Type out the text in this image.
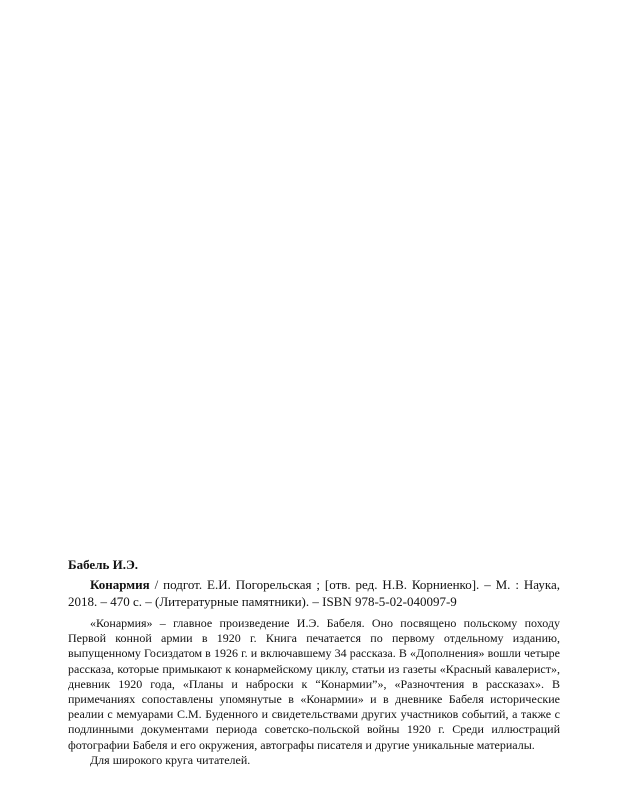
Бабель И.Э.

Конармия / подгот. Е.И. Погорельская ; [отв. ред. Н.В. Корниенко]. – М. : Наука, 2018. – 470 с. – (Литературные памятники). – ISBN 978-5-02-040097-9

«Конармия» – главное произведение И.Э. Бабеля. Оно посвящено польскому походу Первой конной армии в 1920 г. Книга печатается по первому отдельному изданию, выпущенному Госиздатом в 1926 г. и включавшему 34 рассказа. В «Дополнения» вошли четыре рассказа, которые примыкают к конармейскому циклу, статьи из газеты «Красный кавалерист», дневник 1920 года, «Планы и наброски к “Конармии”», «Разночтения в рассказах». В примечаниях сопоставлены упомянутые в «Конармии» и в дневнике Бабеля исторические реалии с мемуарами С.М. Буденного и свидетельствами других участников событий, а также с подлинными документами периода советско-польской войны 1920 г. Среди иллюстраций фотографии Бабеля и его окружения, автографы писателя и другие уникальные материалы.

Для широкого круга читателей.
